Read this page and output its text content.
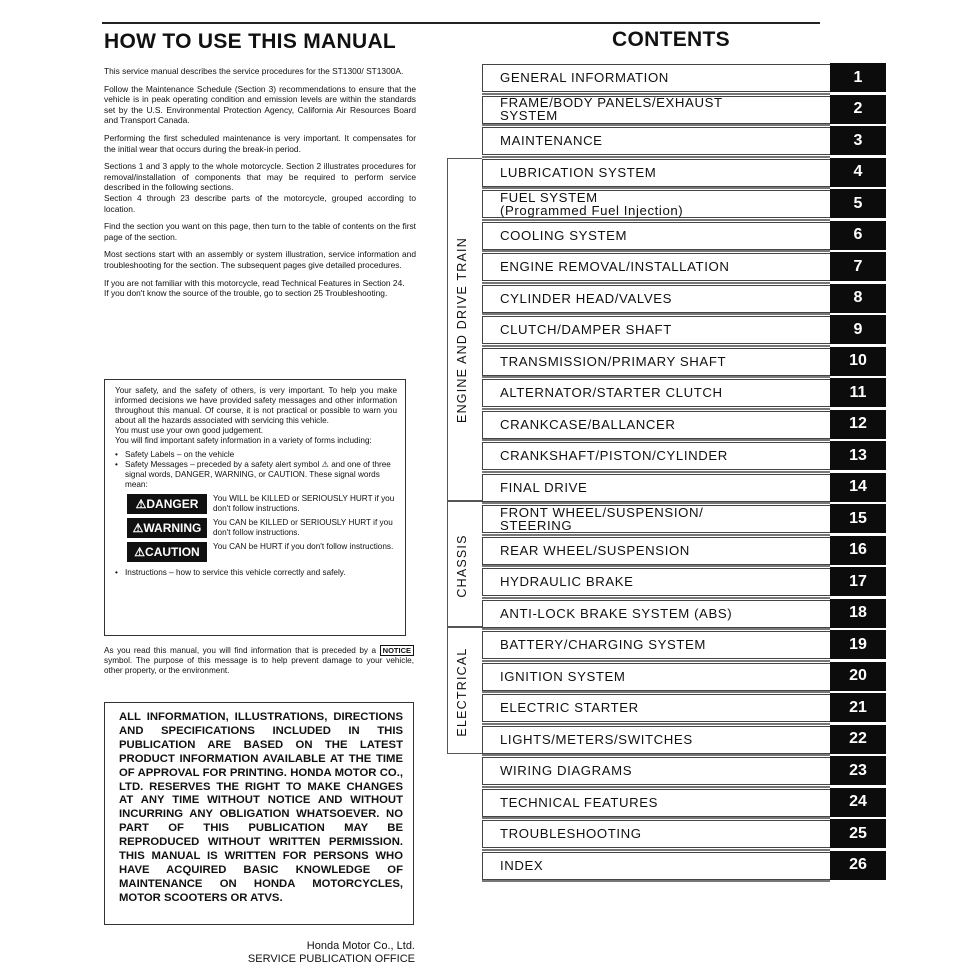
HOW TO USE THIS MANUAL

This service manual describes the service procedures for the ST1300/ ST1300A.

Follow the Maintenance Schedule (Section 3) recommendations to ensure that the vehicle is in peak operating condition and emission levels are within the standards set by the U.S. Environmental Protection Agency, California Air Resources Board and Transport Canada.

Performing the first scheduled maintenance is very important. It compensates for the initial wear that occurs during the break-in period.

Sections 1 and 3 apply to the whole motorcycle. Section 2 illustrates procedures for removal/installation of components that may be required to perform service described in the following sections.

Section 4 through 23 describe parts of the motorcycle, grouped according to location.

Find the section you want on this page, then turn to the table of contents on the first page of the section.

Most sections start with an assembly or system illustration, service information and troubleshooting for the section. The subsequent pages give detailed procedures.

If you are not familiar with this motorcycle, read Technical Features in Section 24.

If you don't know the source of the trouble, go to section 25 Troubleshooting.

Your safety, and the safety of others, is very important. To help you make informed decisions we have provided safety messages and other information throughout this manual. Of course, it is not practical or possible to warn you about all the hazards associated with servicing this vehicle.

You must use your own good judgement.

You will find important safety information in a variety of forms including:

• Safety Labels – on the vehicle
• Safety Messages – preceded by a safety alert symbol ⚠ and one of three signal words, DANGER, WARNING, or CAUTION. These signal words mean:
⚠DANGER	You WILL be KILLED or SERIOUSLY HURT if you don't follow instructions.
⚠WARNING	You CAN be KILLED or SERIOUSLY HURT if you don't follow instructions.
⚠CAUTION	You CAN be HURT if you don't follow instructions.
• Instructions – how to service this vehicle correctly and safely.

As you read this manual, you will find information that is preceded by a NOTICE symbol. The purpose of this message is to help prevent damage to your vehicle, other property, or the environment.

ALL INFORMATION, ILLUSTRATIONS, DIRECTIONS AND SPECIFICATIONS INCLUDED IN THIS PUBLICATION ARE BASED ON THE LATEST PRODUCT INFORMATION AVAILABLE AT THE TIME OF APPROVAL FOR PRINTING. HONDA MOTOR CO., LTD. RESERVES THE RIGHT TO MAKE CHANGES AT ANY TIME WITHOUT NOTICE AND WITHOUT INCURRING ANY OBLIGATION WHATSOEVER. NO PART OF THIS PUBLICATION MAY BE REPRODUCED WITHOUT WRITTEN PERMISSION. THIS MANUAL IS WRITTEN FOR PERSONS WHO HAVE ACQUIRED BASIC KNOWLEDGE OF MAINTENANCE ON HONDA MOTORCYCLES, MOTOR SCOOTERS OR ATVS.

Honda Motor Co., Ltd.
SERVICE PUBLICATION OFFICE
CONTENTS
ENGINE AND DRIVE TRAIN
CHASSIS
ELECTRICAL
GENERAL INFORMATION	1
FRAME/BODY PANELS/EXHAUST
SYSTEM	2
MAINTENANCE	3
LUBRICATION SYSTEM	4
FUEL SYSTEM
(Programmed Fuel Injection)	5
COOLING SYSTEM	6
ENGINE REMOVAL/INSTALLATION	7
CYLINDER HEAD/VALVES	8
CLUTCH/DAMPER SHAFT	9
TRANSMISSION/PRIMARY SHAFT	10
ALTERNATOR/STARTER CLUTCH	11
CRANKCASE/BALLANCER	12
CRANKSHAFT/PISTON/CYLINDER	13
FINAL DRIVE	14
FRONT WHEEL/SUSPENSION/
STEERING	15
REAR WHEEL/SUSPENSION	16
HYDRAULIC BRAKE	17
ANTI-LOCK BRAKE SYSTEM (ABS)	18
BATTERY/CHARGING SYSTEM	19
IGNITION SYSTEM	20
ELECTRIC STARTER	21
LIGHTS/METERS/SWITCHES	22
WIRING DIAGRAMS	23
TECHNICAL FEATURES	24
TROUBLESHOOTING	25
INDEX	26
